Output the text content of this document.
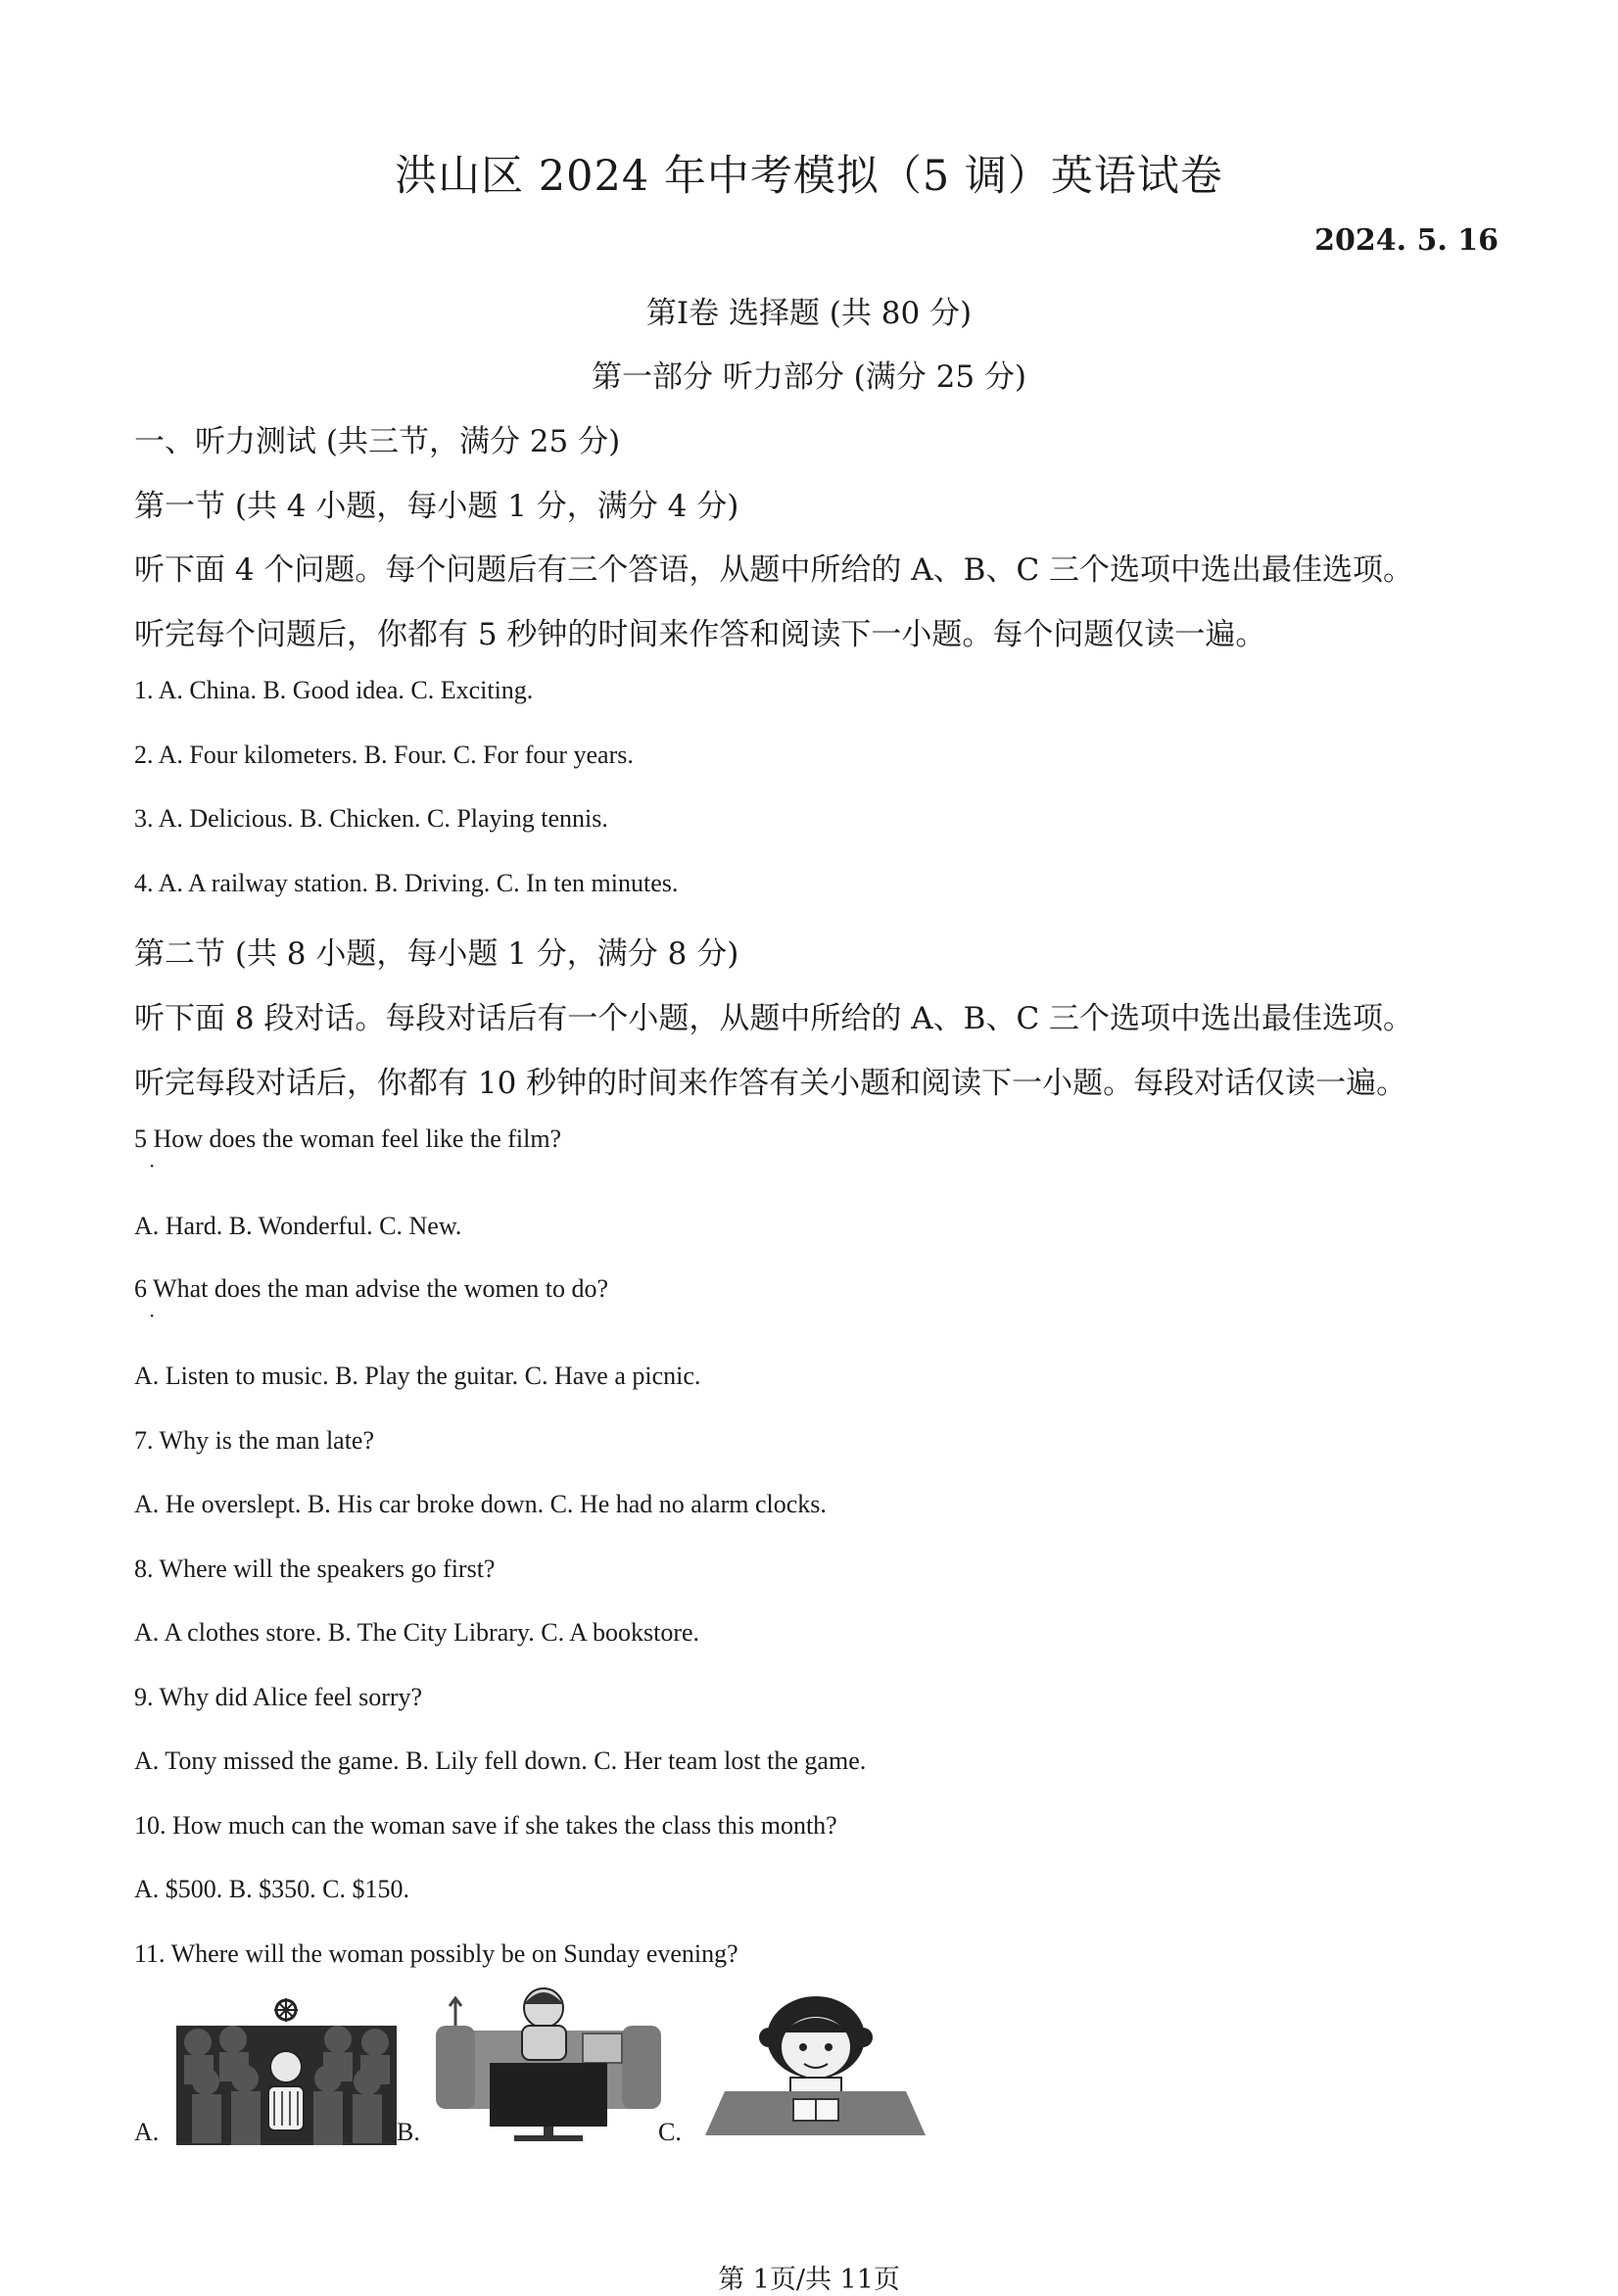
洪山区 2024 年中考模拟（5 调）英语试卷
2024. 5. 16
第Ⅰ卷 选择题 (共 80 分)
第一部分 听力部分 (满分 25 分)
一、听力测试 (共三节，满分 25 分)
第一节 (共 4 小题，每小题 1 分，满分 4 分)
听下面 4 个问题。每个问题后有三个答语，从题中所给的 A、B、C 三个选项中选出最佳选项。
听完每个问题后，你都有 5 秒钟的时间来作答和阅读下一小题。每个问题仅读一遍。
1. A. China. B. Good idea. C. Exciting.
2. A. Four kilometers. B. Four. C. For four years.
3. A. Delicious. B. Chicken. C. Playing tennis.
4. A. A railway station. B. Driving. C. In ten minutes.
第二节 (共 8 小题，每小题 1 分，满分 8 分)
听下面 8 段对话。每段对话后有一个小题，从题中所给的 A、B、C 三个选项中选出最佳选项。
听完每段对话后，你都有 10 秒钟的时间来作答有关小题和阅读下一小题。每段对话仅读一遍。
5 How does the woman feel like the film?
·
A. Hard. B. Wonderful. C. New.
6 What does the man advise the women to do?
·
A. Listen to music. B. Play the guitar. C. Have a picnic.
7. Why is the man late?
A. He overslept. B. His car broke down. C. He had no alarm clocks.
8. Where will the speakers go first?
A. A clothes store. B. The City Library. C. A bookstore.
9. Why did Alice feel sorry?
A. Tony missed the game. B. Lily fell down. C. Her team lost the game.
10. How much can the woman save if she takes the class this month?
A. $500. B. $350. C. $150.
11. Where will the woman possibly be on Sunday evening?
A.	B.	C.
第 1页/共 11页
